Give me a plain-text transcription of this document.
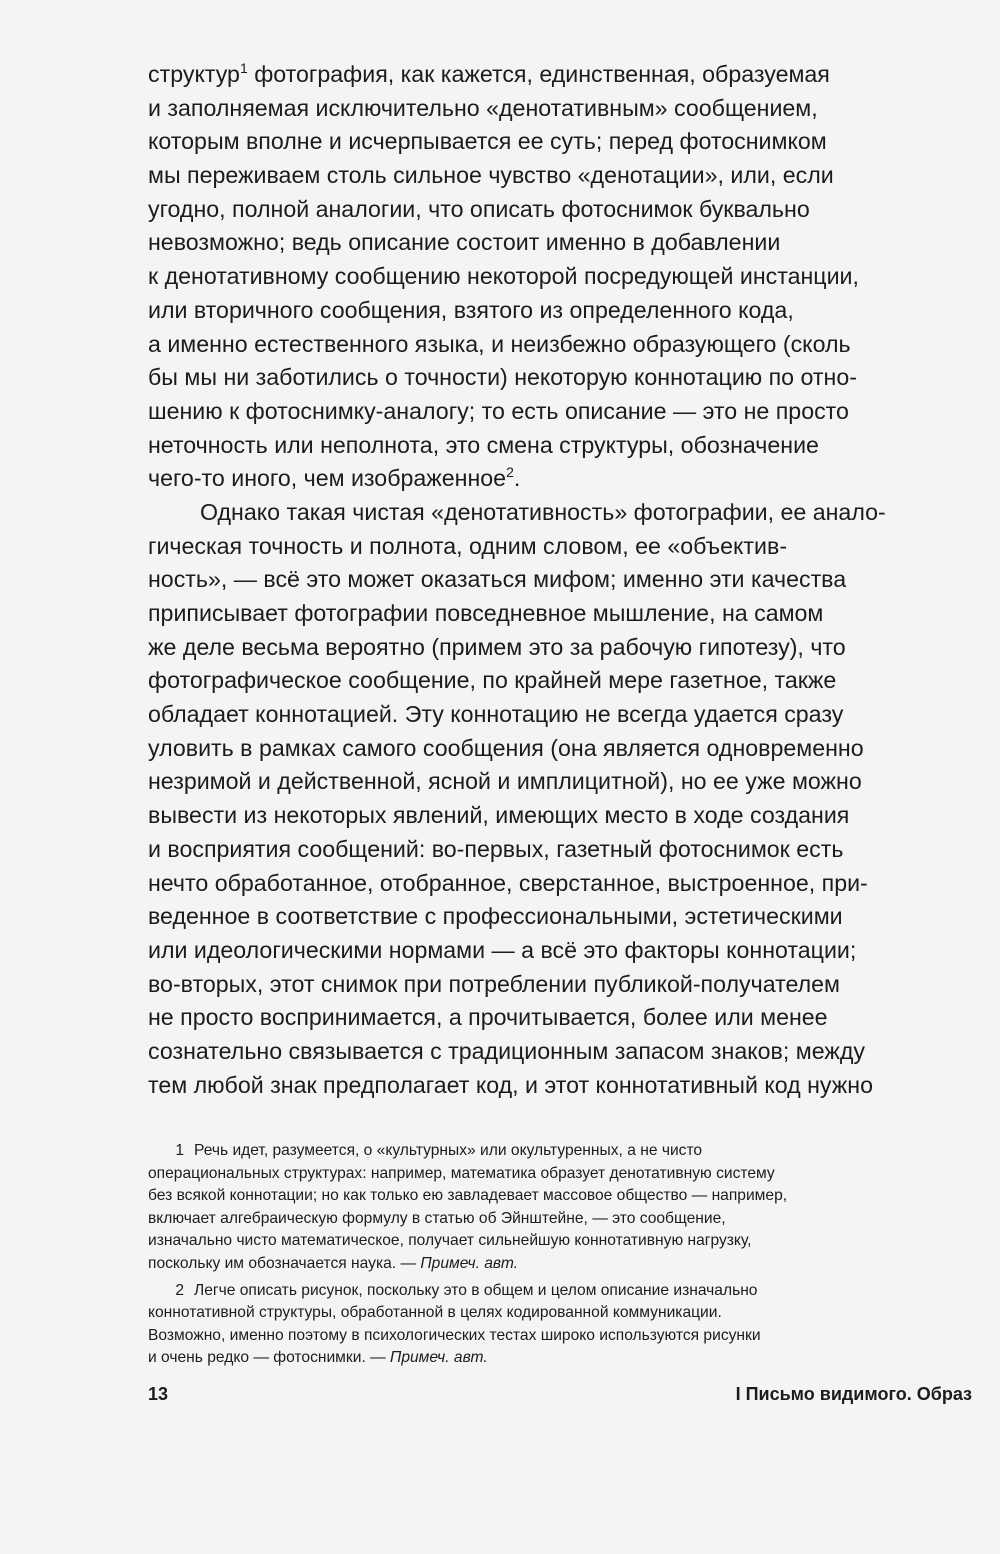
структур$^1$ фотография, как кажется, единственная, образуемая
и заполняемая исключительно «денотативным» сообщением,
которым вполне и исчерпывается ее суть; перед фотоснимком
мы переживаем столь сильное чувство «денотации», или, если
угодно, полной аналогии, что описать фотоснимок буквально
невозможно; ведь описание состоит именно в добавлении
к денотативному сообщению некоторой посредующей инстанции,
или вторичного сообщения, взятого из определенного кода,
а именно естественного языка, и неизбежно образующего (сколь
бы мы ни заботились о точности) некоторую коннотацию по отно-
шению к фотоснимку-аналогу; то есть описание — это не просто
неточность или неполнота, это смена структуры, обозначение
чего-то иного, чем изображенное$^2$.
Однако такая чистая «денотативность» фотографии, ее анало-
гическая точность и полнота, одним словом, ее «объектив-
ность», — всё это может оказаться мифом; именно эти качества
приписывает фотографии повседневное мышление, на самом
же деле весьма вероятно (примем это за рабочую гипотезу), что
фотографическое сообщение, по крайней мере газетное, также
обладает коннотацией. Эту коннотацию не всегда удается сразу
уловить в рамках самого сообщения (она является одновременно
незримой и действенной, ясной и имплицитной), но ее уже можно
вывести из некоторых явлений, имеющих место в ходе создания
и восприятия сообщений: во-первых, газетный фотоснимок есть
нечто обработанное, отобранное, сверстанное, выстроенное, при-
веденное в соответствие с профессиональными, эстетическими
или идеологическими нормами — а всё это факторы коннотации;
во-вторых, этот снимок при потреблении публикой-получателем
не просто воспринимается, а прочитывается, более или менее
сознательно связывается с традиционным запасом знаков; между
тем любой знак предполагает код, и этот коннотативный код нужно
1 Речь идет, разумеется, о «культурных» или окультуренных, а не чисто
операциональных структурах: например, математика образует денотативную систему
без всякой коннотации; но как только ею завладевает массовое общество — например,
включает алгебраическую формулу в статью об Эйнштейне, — это сообщение,
изначально чисто математическое, получает сильнейшую коннотативную нагрузку,
поскольку им обозначается наука. — Примеч. авт.
2 Легче описать рисунок, поскольку это в общем и целом описание изначально
коннотативной структуры, обработанной в целях кодированной коммуникации.
Возможно, именно поэтому в психологических тестах широко используются рисунки
и очень редко — фотоснимки. — Примеч. авт.
13	I Письмо видимого. Образ
